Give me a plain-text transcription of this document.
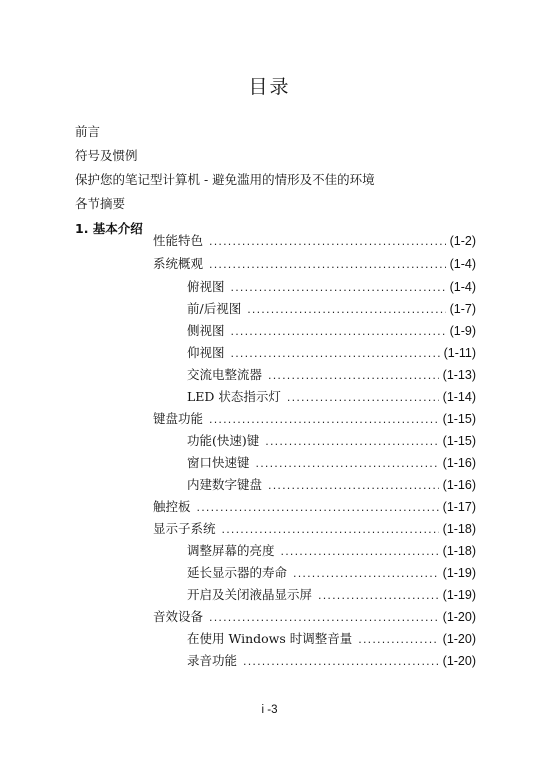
目录
前言
符号及惯例
保护您的笔记型计算机 - 避免滥用的情形及不佳的环境
各节摘要
1. 基本介绍
性能特色 .....	(1-2)
系统概观 .....	(1-4)
俯视图 .....	(1-4)
前/后视图 .....	(1-7)
侧视图 .....	(1-9)
仰视图 .....	(1-11)
交流电整流器 .....	(1-13)
LED 状态指示灯 .....	(1-14)
键盘功能 .....	(1-15)
功能(快速)键 .....	(1-15)
窗口快速键 .....	(1-16)
内建数字键盘 .....	(1-16)
触控板 .....	(1-17)
显示子系统 .....	(1-18)
调整屏幕的亮度 .....	(1-18)
延长显示器的寿命 .....	(1-19)
开启及关闭液晶显示屏 .....	(1-19)
音效设备 .....	(1-20)
在使用 Windows 时调整音量 .....	(1-20)
录音功能 .....	(1-20)
i -3
